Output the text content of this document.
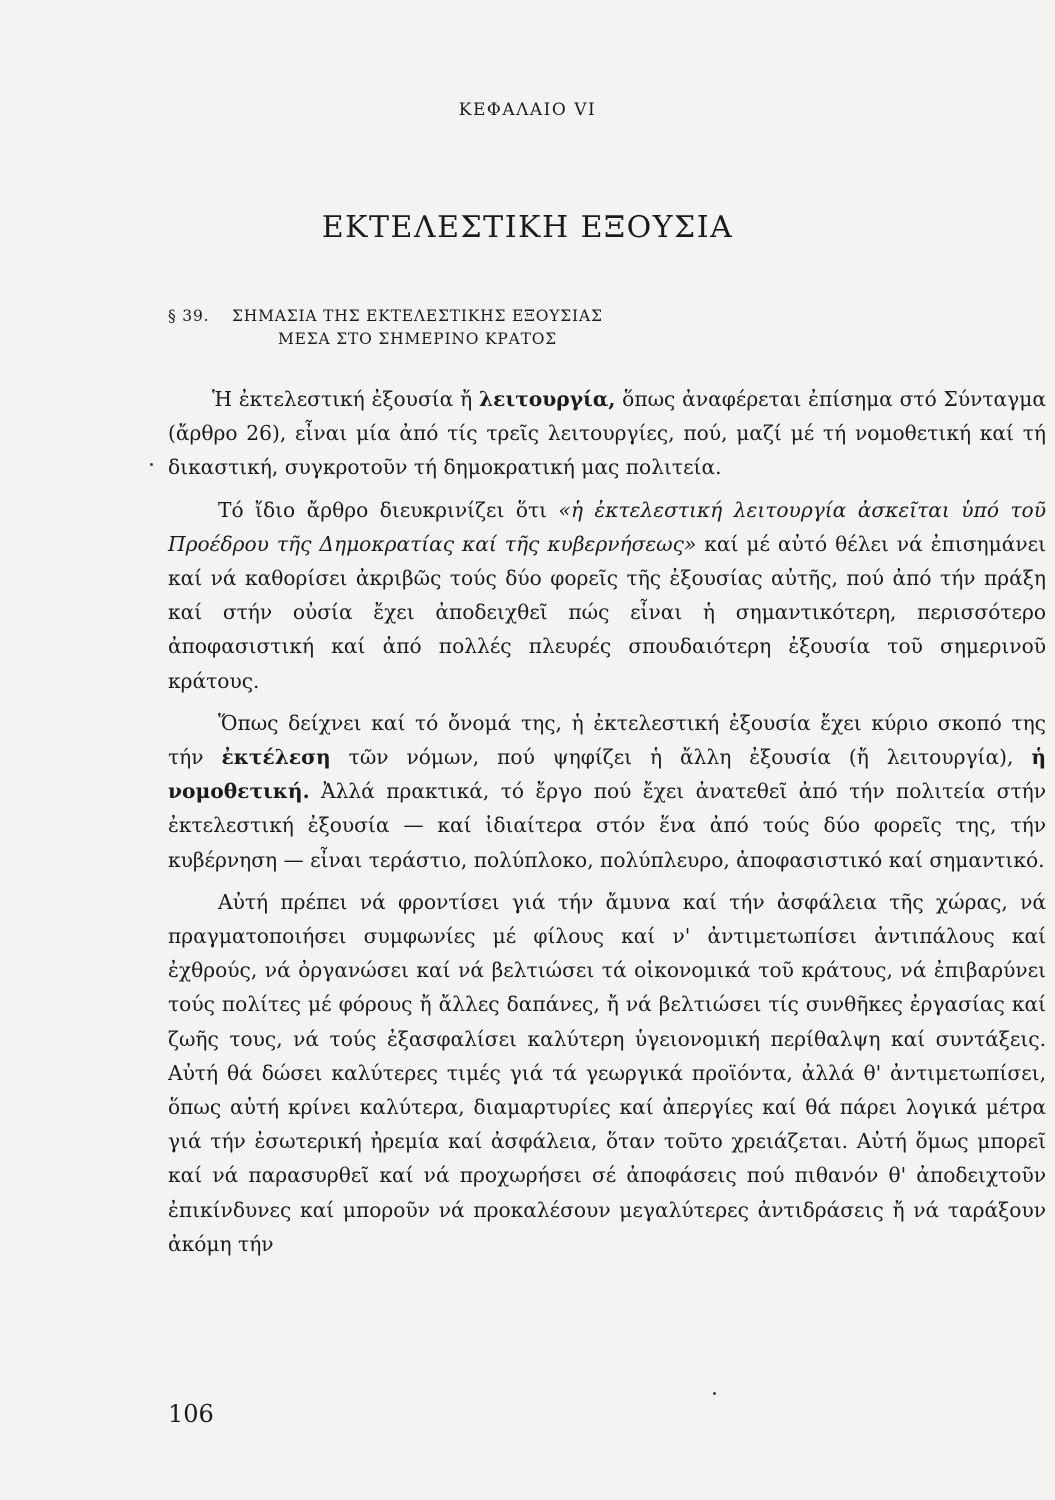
ΚΕΦΑΛΑΙΟ VI
ΕΚΤΕΛΕΣΤΙΚΗ ΕΞΟΥΣΙΑ
§ 39. ΣΗΜΑΣΙΑ ΤΗΣ ΕΚΤΕΛΕΣΤΙΚΗΣ ΕΞΟΥΣΙΑΣ
ΜΕΣΑ ΣΤΟ ΣΗΜΕΡΙΝΟ ΚΡΑΤΟΣ

Ἡ ἐκτελεστική ἐξουσία ἤ λειτουργία, ὅπως ἀναφέρεται ἐπίσημα στό Σύνταγμα (ἄρθρο 26), εἶναι μία ἀπό τίς τρεῖς λειτουργίες, πού, μαζί μέ τή νομοθετική καί τή δικαστική, συγκροτοῦν τή δημοκρατική μας πολιτεία.

Τό ἴδιο ἄρθρο διευκρινίζει ὅτι «ἡ ἐκτελεστική λειτουργία ἀσκεῖται ὑπό τοῦ Προέδρου τῆς Δημοκρατίας καί τῆς κυβερνήσεως» καί μέ αὐτό θέλει νά ἐπισημάνει καί νά καθορίσει ἀκριβῶς τούς δύο φορεῖς τῆς ἐξουσίας αὐτῆς, πού ἀπό τήν πράξη καί στήν οὐσία ἔχει ἀποδειχθεῖ πώς εἶναι ἡ σημαντικότερη, περισσότερο ἀποφασιστική καί ἀπό πολλές πλευρές σπουδαιότερη ἐξουσία τοῦ σημερινοῦ κράτους.

Ὅπως δείχνει καί τό ὄνομά της, ἡ ἐκτελεστική ἐξουσία ἔχει κύριο σκοπό της τήν ἐκτέλεση τῶν νόμων, πού ψηφίζει ἡ ἄλλη ἐξουσία (ἤ λειτουργία), ἡ νομοθετική. Ἀλλά πρακτικά, τό ἔργο πού ἔχει ἀνατεθεῖ ἀπό τήν πολιτεία στήν ἐκτελεστική ἐξουσία — καί ἰδιαίτερα στόν ἕνα ἀπό τούς δύο φορεῖς της, τήν κυβέρνηση — εἶναι τεράστιο, πολύπλοκο, πολύπλευρο, ἀποφασιστικό καί σημαντικό.

Αὐτή πρέπει νά φροντίσει γιά τήν ἄμυνα καί τήν ἀσφάλεια τῆς χώρας, νά πραγματοποιήσει συμφωνίες μέ φίλους καί ν' ἀντιμετωπίσει ἀντιπάλους καί ἐχθρούς, νά ὀργανώσει καί νά βελτιώσει τά οἰκονομικά τοῦ κράτους, νά ἐπιβαρύνει τούς πολίτες μέ φόρους ἤ ἄλλες δαπάνες, ἤ νά βελτιώσει τίς συνθῆκες ἐργασίας καί ζωῆς τους, νά τούς ἐξασφαλίσει καλύτερη ὑγειονομική περίθαλψη καί συντάξεις. Αὐτή θά δώσει καλύτερες τιμές γιά τά γεωργικά προϊόντα, ἀλλά θ' ἀντιμετωπίσει, ὅπως αὐτή κρίνει καλύτερα, διαμαρτυρίες καί ἀπεργίες καί θά πάρει λογικά μέτρα γιά τήν ἐσωτερική ἠρεμία καί ἀσφάλεια, ὅταν τοῦτο χρειάζεται. Αὐτή ὅμως μπορεῖ καί νά παρασυρθεῖ καί νά προχωρήσει σέ ἀποφάσεις πού πιθανόν θ' ἀποδειχτοῦν ἐπικίνδυνες καί μποροῦν νά προκαλέσουν μεγαλύτερες ἀντιδράσεις ἤ νά ταράξουν ἀκόμη τήν

106
